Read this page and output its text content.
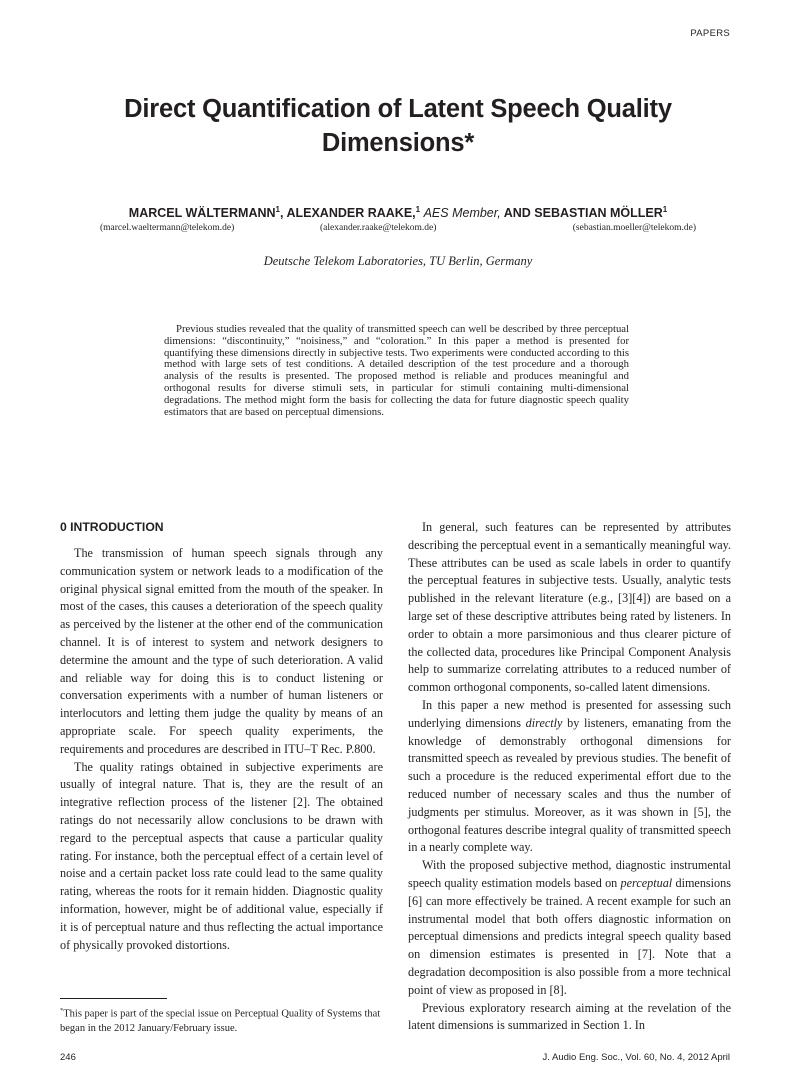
PAPERS
Direct Quantification of Latent Speech Quality
Dimensions*
MARCEL WÄLTERMANN$^1$, ALEXANDER RAAKE,$^1$ AES Member, AND SEBASTIAN MÖLLER$^1$
(marcel.waeltermann@telekom.de)	(alexander.raake@telekom.de)	(sebastian.moeller@telekom.de)
Deutsche Telekom Laboratories, TU Berlin, Germany
Previous studies revealed that the quality of transmitted speech can well be described by three perceptual dimensions: “discontinuity,” “noisiness,” and “coloration.” In this paper a method is presented for quantifying these dimensions directly in subjective tests. Two experiments were conducted according to this method with large sets of test conditions. A detailed description of the test procedure and a thorough analysis of the results is presented. The proposed method is reliable and produces meaningful and orthogonal results for diverse stimuli sets, in particular for stimuli containing multi-dimensional degradations. The method might form the basis for collecting the data for future diagnostic speech quality estimators that are based on perceptual dimensions.
0 INTRODUCTION

The transmission of human speech signals through any communication system or network leads to a modification of the original physical signal emitted from the mouth of the speaker. In most of the cases, this causes a deterioration of the speech quality as perceived by the listener at the other end of the communication channel. It is of interest to system and network designers to determine the amount and the type of such deterioration. A valid and reliable way for doing this is to conduct listening or conversation experiments with a number of human listeners or interlocutors and letting them judge the quality by means of an appropriate scale. For speech quality experiments, the requirements and procedures are described in ITU–T Rec. P.800.

The quality ratings obtained in subjective experiments are usually of integral nature. That is, they are the result of an integrative reflection process of the listener [2]. The obtained ratings do not necessarily allow conclusions to be drawn with regard to the perceptual aspects that cause a particular quality rating. For instance, both the perceptual effect of a certain level of noise and a certain packet loss rate could lead to the same quality rating, whereas the roots for it remain hidden. Diagnostic quality information, however, might be of additional value, especially if it is of perceptual nature and thus reflecting the actual importance of physically provoked distortions.

In general, such features can be represented by attributes describing the perceptual event in a semantically meaningful way. These attributes can be used as scale labels in order to quantify the perceptual features in subjective tests. Usually, analytic tests published in the relevant literature (e.g., [3][4]) are based on a large set of these descriptive attributes being rated by listeners. In order to obtain a more parsimonious and thus clearer picture of the collected data, procedures like Principal Component Analysis help to summarize correlating attributes to a reduced number of common orthogonal components, so-called latent dimensions.

In this paper a new method is presented for assessing such underlying dimensions directly by listeners, emanating from the knowledge of demonstrably orthogonal dimensions for transmitted speech as revealed by previous studies. The benefit of such a procedure is the reduced experimental effort due to the reduced number of necessary scales and thus the number of judgments per stimulus. Moreover, as it was shown in [5], the orthogonal features describe integral quality of transmitted speech in a nearly complete way.

With the proposed subjective method, diagnostic instrumental speech quality estimation models based on perceptual dimensions [6] can more effectively be trained. A recent example for such an instrumental model that both offers diagnostic information on perceptual dimensions and predicts integral speech quality based on dimension estimates is presented in [7]. Note that a degradation decomposition is also possible from a more technical point of view as proposed in [8].

Previous exploratory research aiming at the revelation of the latent dimensions is summarized in Section 1. In

*This paper is part of the special issue on Perceptual Quality of Systems that began in the 2012 January/February issue.
246	J. Audio Eng. Soc., Vol. 60, No. 4, 2012 April
